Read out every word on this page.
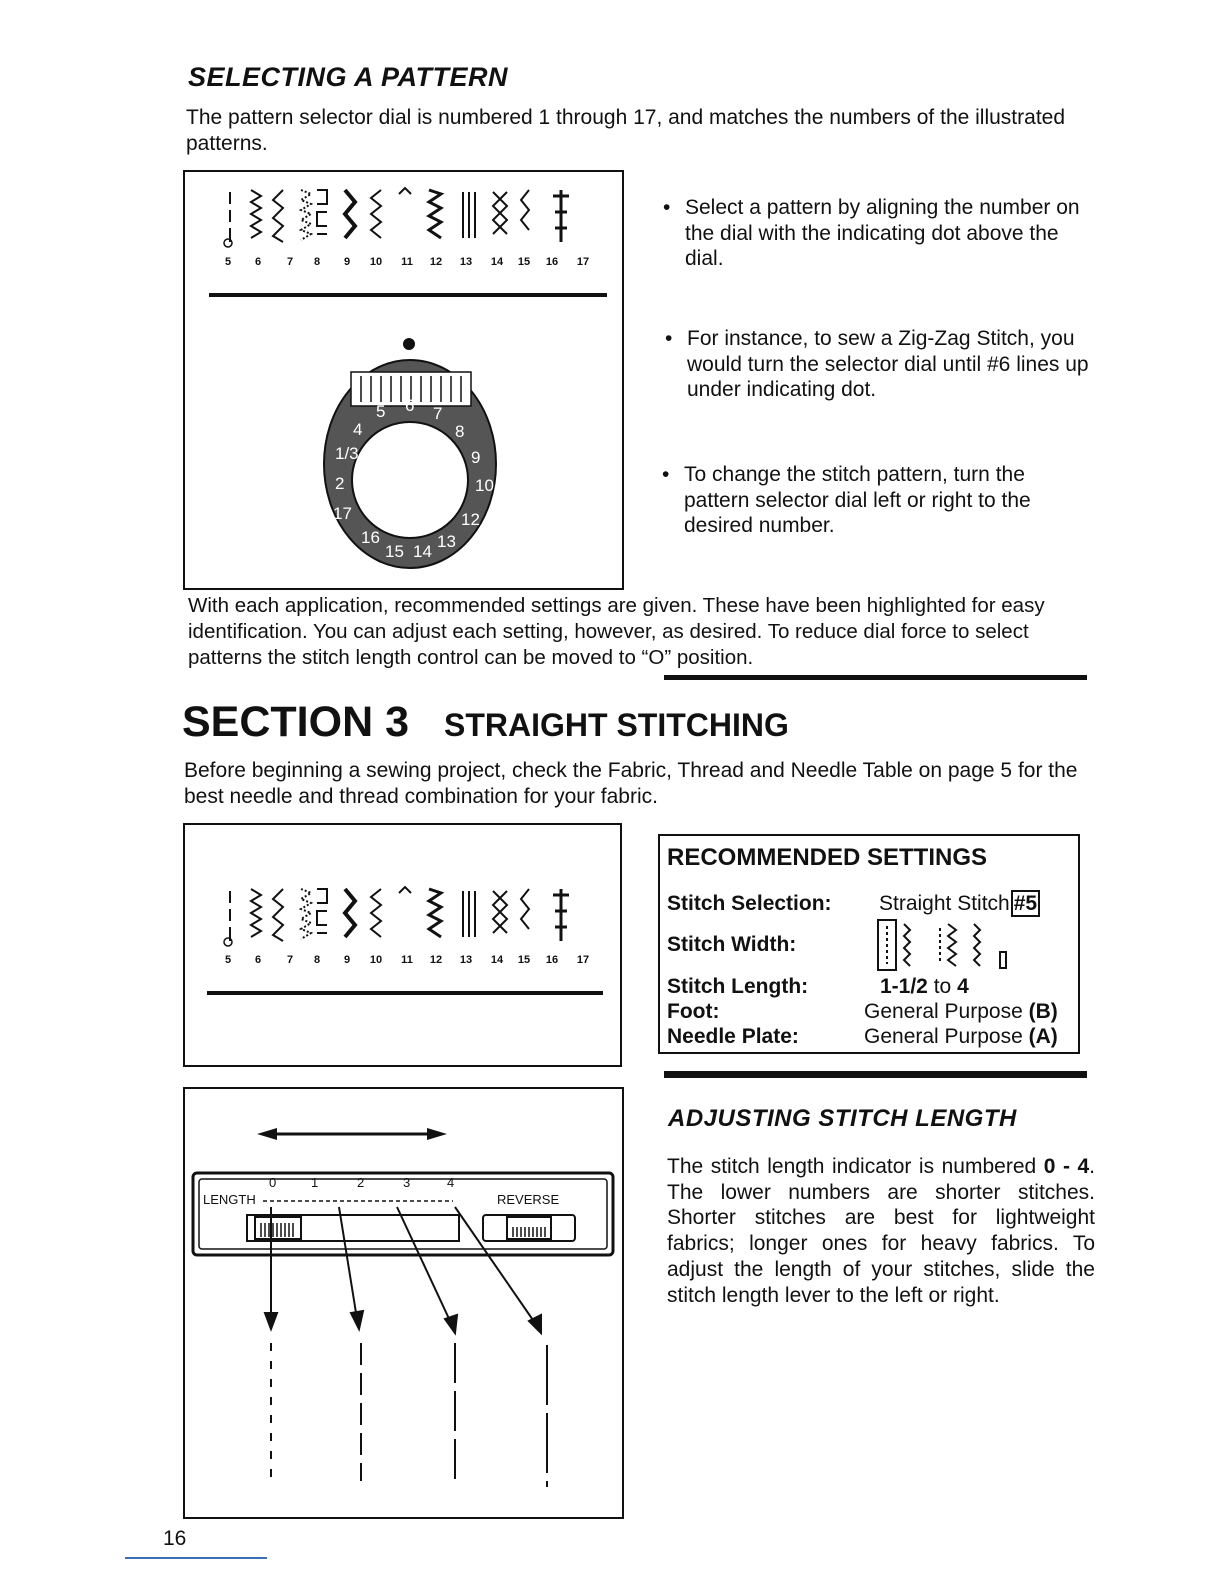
SELECTING A PATTERN
The pattern selector dial is numbered 1 through 17, and matches the numbers of the illustrated patterns.
5 6 7 8 9 10 11 12 13 14 15 16 17
5 6 7
8
9
10
12
13
14
15
16
17
2
1/3
4
• Select a pattern by aligning the number on the dial with the indicating dot above the dial.
• For instance, to sew a Zig-Zag Stitch, you would turn the selector dial until #6 lines up under indicating dot.
• To change the stitch pattern, turn the pattern selector dial left or right to the desired number.
With each application, recommended settings are given. These have been highlighted for easy identification. You can adjust each setting, however, as desired. To reduce dial force to select patterns the stitch length control can be moved to “O” position.
SECTION 3 STRAIGHT STITCHING
Before beginning a sewing project, check the Fabric, Thread and Needle Table on page 5 for the best needle and thread combination for your fabric.
5 6 7 8 9 10 11 12 13 14 15 16 17
RECOMMENDED SETTINGS
Stitch Selection: Straight Stitch #5
Stitch Width:
Stitch Length:	1-1/2 to 4
Foot:	General Purpose (B)
Needle Plate:	General Purpose (A)
LENGTH	REVERSE
0	1	2	3	4
ADJUSTING STITCH LENGTH
The stitch length indicator is numbered 0 - 4. The lower numbers are shorter stitches. Shorter stitches are best for lightweight fabrics; longer ones for heavy fabrics. To adjust the length of your stitches, slide the stitch length lever to the left or right.
16
